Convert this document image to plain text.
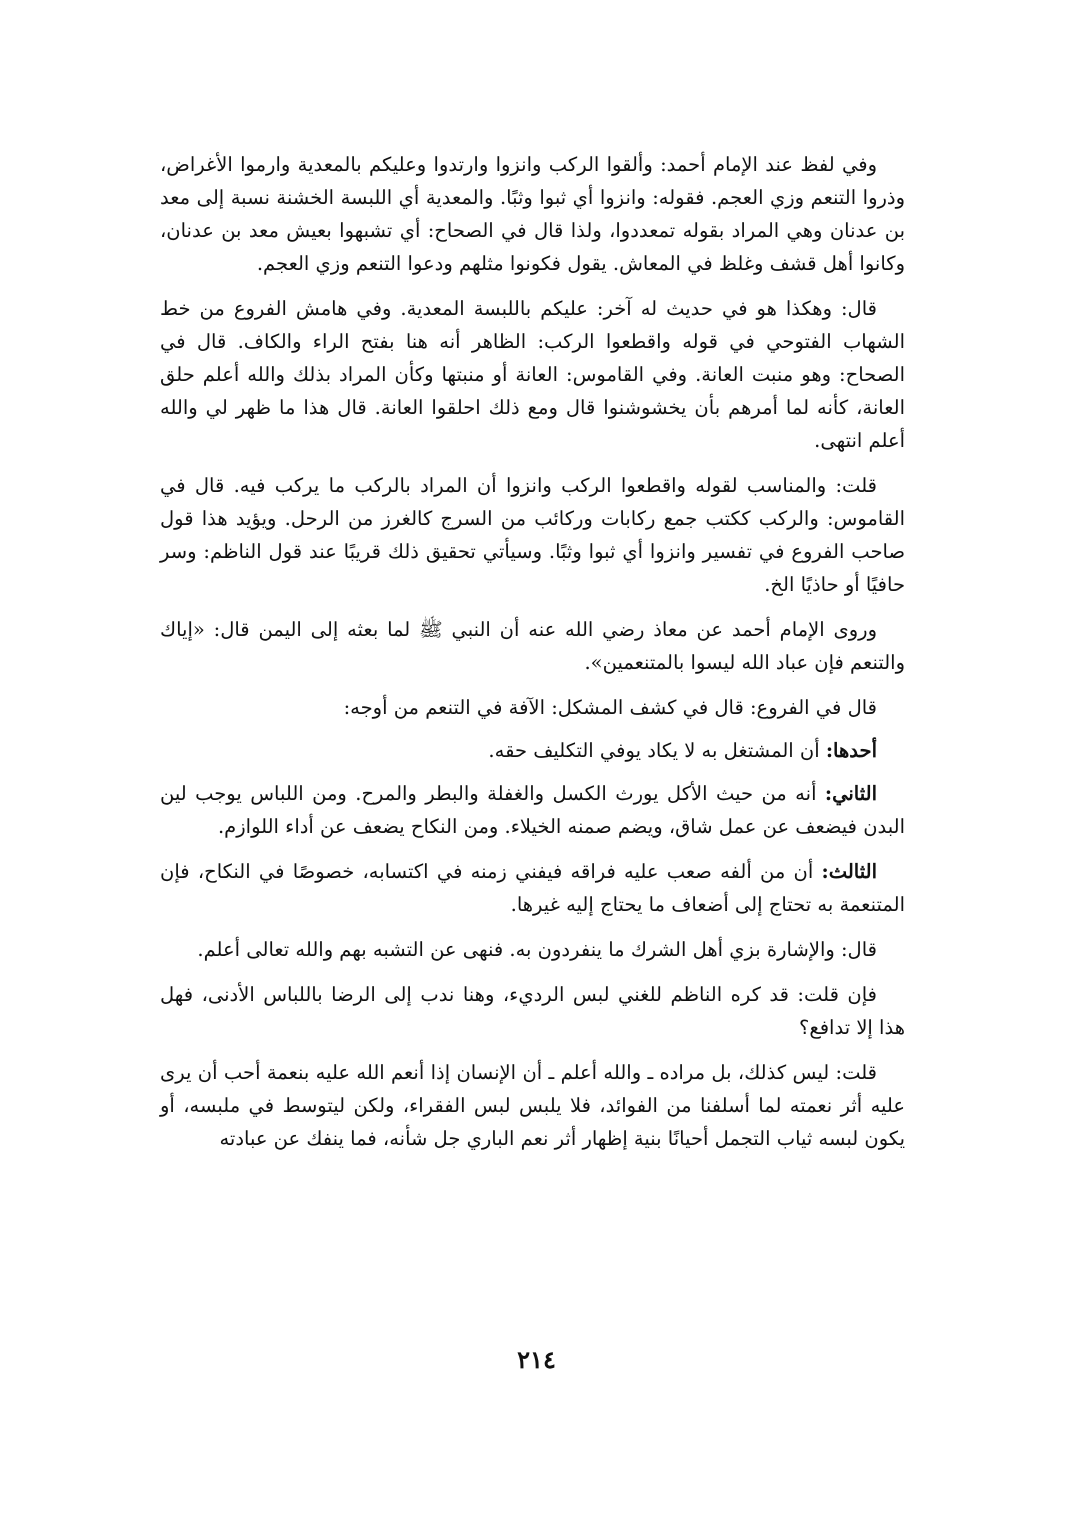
وفي لفظ عند الإمام أحمد: وألقوا الركب وانزوا وارتدوا وعليكم بالمعدية وارموا الأغراض، وذروا التنعم وزي العجم. فقوله: وانزوا أي ثبوا وثبًا. والمعدية أي اللبسة الخشنة نسبة إلى معد بن عدنان وهي المراد بقوله تمعددوا، ولذا قال في الصحاح: أي تشبهوا بعيش معد بن عدنان، وكانوا أهل قشف وغلظ في المعاش. يقول فكونوا مثلهم ودعوا التنعم وزي العجم.

قال: وهكذا هو في حديث له آخر: عليكم باللبسة المعدية. وفي هامش الفروع من خط الشهاب الفتوحي في قوله واقطعوا الركب: الظاهر أنه هنا بفتح الراء والكاف. قال في الصحاح: وهو منبت العانة. وفي القاموس: العانة أو منبتها وكأن المراد بذلك والله أعلم حلق العانة، كأنه لما أمرهم بأن يخشوشنوا قال ومع ذلك احلقوا العانة. قال هذا ما ظهر لي والله أعلم انتهى.

قلت: والمناسب لقوله واقطعوا الركب وانزوا أن المراد بالركب ما يركب فيه. قال في القاموس: والركب ككتب جمع ركابات وركائب من السرج كالغرز من الرحل. ويؤيد هذا قول صاحب الفروع في تفسير وانزوا أي ثبوا وثبًا. وسيأتي تحقيق ذلك قريبًا عند قول الناظم: وسر حافيًا أو حاذيًا الخ.

وروى الإمام أحمد عن معاذ رضي الله عنه أن النبي ﷺ لما بعثه إلى اليمن قال: «إياك والتنعم فإن عباد الله ليسوا بالمتنعمين».

قال في الفروع: قال في كشف المشكل: الآفة في التنعم من أوجه:

أحدها: أن المشتغل به لا يكاد يوفي التكليف حقه.

الثاني: أنه من حيث الأكل يورث الكسل والغفلة والبطر والمرح. ومن اللباس يوجب لين البدن فيضعف عن عمل شاق، ويضم صمنه الخيلاء. ومن النكاح يضعف عن أداء اللوازم.

الثالث: أن من ألفه صعب عليه فراقه فيفني زمنه في اكتسابه، خصوصًا في النكاح، فإن المتنعمة به تحتاج إلى أضعاف ما يحتاج إليه غيرها.

قال: والإشارة بزي أهل الشرك ما ينفردون به. فنهى عن التشبه بهم والله تعالى أعلم.

فإن قلت: قد كره الناظم للغني لبس الرديء، وهنا ندب إلى الرضا باللباس الأدنى، فهل هذا إلا تدافع؟

قلت: ليس كذلك، بل مراده ـ والله أعلم ـ أن الإنسان إذا أنعم الله عليه بنعمة أحب أن يرى عليه أثر نعمته لما أسلفنا من الفوائد، فلا يلبس لبس الفقراء، ولكن ليتوسط في ملبسه، أو يكون لبسه ثياب التجمل أحيانًا بنية إظهار أثر نعم الباري جل شأنه، فما ينفك عن عبادته

٢١٤
